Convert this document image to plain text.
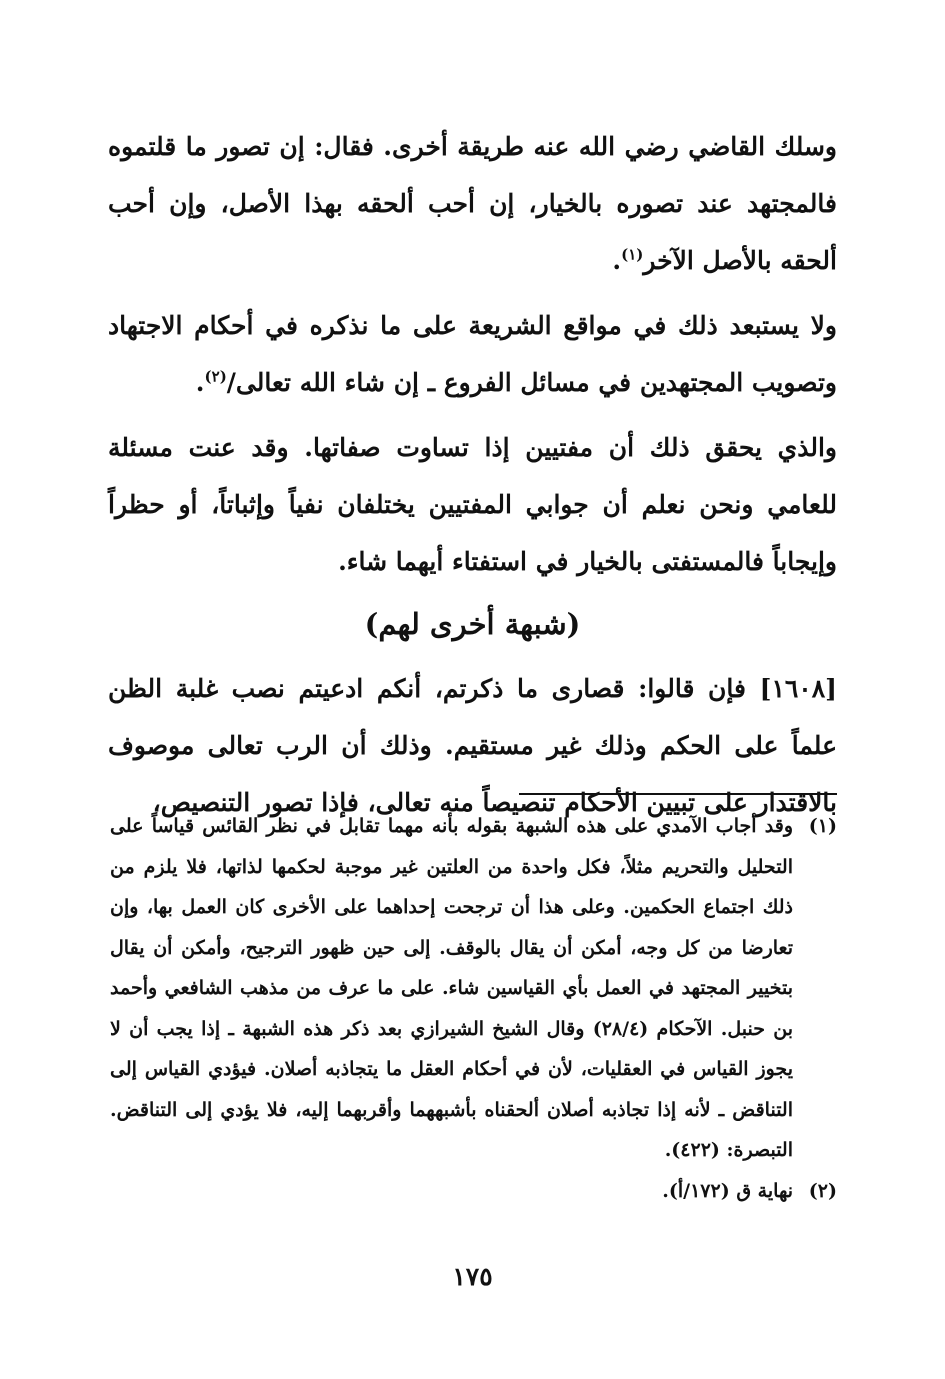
وسلك القاضي رضي الله عنه طريقة أخرى. فقال: إن تصور ما قلتموه فالمجتهد عند تصوره بالخيار، إن أحب ألحقه بهذا الأصل، وإن أحب ألحقه بالأصل الآخر$^{(١)}$.

ولا يستبعد ذلك في مواقع الشريعة على ما نذكره في أحكام الاجتهاد وتصويب المجتهدين في مسائل الفروع ـ إن شاء الله تعالى/$^{(٢)}$.

والذي يحقق ذلك أن مفتيين إذا تساوت صفاتها. وقد عنت مسئلة للعامي ونحن نعلم أن جوابي المفتيين يختلفان نفياً وإثباتاً، أو حظراً وإيجاباً فالمستفتى بالخيار في استفتاء أيهما شاء.

(شبهة أخرى لهم)

[١٦٠٨] فإن قالوا: قصارى ما ذكرتم، أنكم ادعيتم نصب غلبة الظن علماً على الحكم وذلك غير مستقيم. وذلك أن الرب تعالى موصوف بالاقتدار على تبيين الأحكام تنصيصاً منه تعالى، فإذا تصور التنصيص،

(١)
وقد أجاب الآمدي على هذه الشبهة بقوله بأنه مهما تقابل في نظر القائس قياساً على التحليل والتحريم مثلاً، فكل واحدة من العلتين غير موجبة لحكمها لذاتها، فلا يلزم من ذلك اجتماع الحكمين. وعلى هذا أن ترجحت إحداهما على الأخرى كان العمل بها، وإن تعارضا من كل وجه، أمكن أن يقال بالوقف. إلى حين ظهور الترجيح، وأمكن أن يقال بتخيير المجتهد في العمل بأي القياسين شاء. على ما عرف من مذهب الشافعي وأحمد بن حنبل. الآحكام (٢٨/٤) وقال الشيخ الشيرازي بعد ذكر هذه الشبهة ـ إذا يجب أن لا يجوز القياس في العقليات، لأن في أحكام العقل ما يتجاذبه أصلان. فيؤدي القياس إلى التناقض ـ لأنه إذا تجاذبه أصلان ألحقناه بأشبههما وأقربهما إليه، فلا يؤدي إلى التناقض. التبصرة: (٤٢٢).
(٢)
نهاية ق (١٧٢/أ).
١٧٥
